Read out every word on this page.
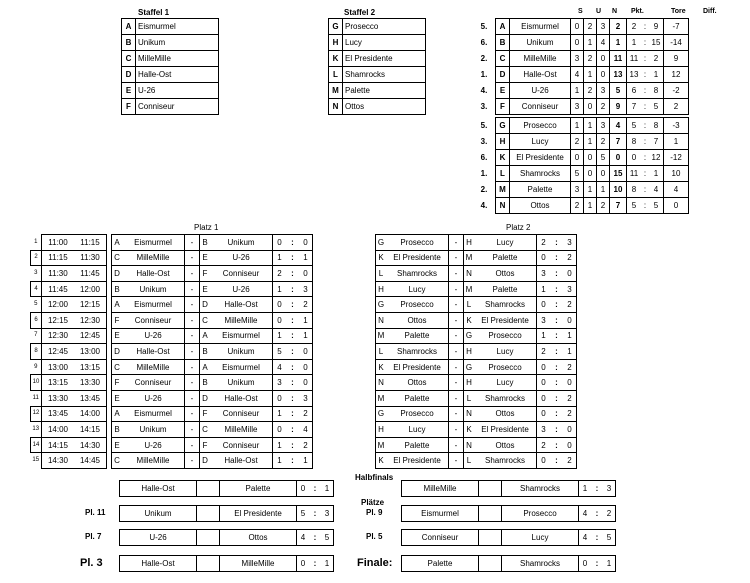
Staffel 1	Staffel 2
A	Eismurmel
B	Unikum
C	MilleMille
D	Halle-Ost
E	U-26
F	Conniseur
G	Prosecco
H	Lucy
K	El Presidente
L	Shamrocks
M	Palette
N	Ottos
S U N Pkt.	Tore Diff.
5.	A	Eismurmel	0	2	3	2	2	:	9	-7
6.	B	Unikum	0	1	4	1	1	:	15	-14
2.	C	MilleMille	3	2	0	11	11	:	2	9
1.	D	Halle-Ost	4	1	0	13	13	:	1	12
4.	E	U-26	1	2	3	5	6	:	8	-2
3.	F	Conniseur	3	0	2	9	7	:	5	2
5.	G	Prosecco	1	1	3	4	5	:	8	-3
3.	H	Lucy	2	1	2	7	8	:	7	1
6.	K	El Presidente	0	0	5	0	0	:	12	-12
1.	L	Shamrocks	5	0	0	15	11	:	1	10
2.	M	Palette	3	1	1	10	8	:	4	4
4.	N	Ottos	2	1	2	7	5	:	5	0
Platz 1	Platz 2
1	11:00	11:15		A	Eismurmel	-	B	Unikum	0	:	0		G	Prosecco	-	H	Lucy	2	:	3
2	11:15	11:30		C	MilleMille	-	E	U-26	1	:	1		K	El Presidente	-	M	Palette	0	:	2
3	11:30	11:45		D	Halle-Ost	-	F	Conniseur	2	:	0		L	Shamrocks	-	N	Ottos	3	:	0
4	11:45	12:00		B	Unikum	-	E	U-26	1	:	3		H	Lucy	-	M	Palette	1	:	3
5	12:00	12:15		A	Eismurmel	-	D	Halle-Ost	0	:	2		G	Prosecco	-	L	Shamrocks	0	:	2
6	12:15	12:30		F	Conniseur	-	C	MilleMille	0	:	1		N	Ottos	-	K	El Presidente	3	:	0
7	12:30	12:45		E	U-26	-	A	Eismurmel	1	:	1		M	Palette	-	G	Prosecco	1	:	1
8	12:45	13:00		D	Halle-Ost	-	B	Unikum	5	:	0		L	Shamrocks	-	H	Lucy	2	:	1
9	13:00	13:15		C	MilleMille	-	A	Eismurmel	4	:	0		K	El Presidente	-	G	Prosecco	0	:	2
10	13:15	13:30		F	Conniseur	-	B	Unikum	3	:	0		N	Ottos	-	H	Lucy	0	:	0
11	13:30	13:45		E	U-26	-	D	Halle-Ost	0	:	3		M	Palette	-	L	Shamrocks	0	:	2
12	13:45	14:00		A	Eismurmel	-	F	Conniseur	1	:	2		G	Prosecco	-	N	Ottos	0	:	2
13	14:00	14:15		B	Unikum	-	C	MilleMille	0	:	4		H	Lucy	-	K	El Presidente	3	:	0
14	14:15	14:30		E	U-26	-	F	Conniseur	1	:	2		M	Palette	-	N	Ottos	2	:	0
15	14:30	14:45		C	MilleMille	-	D	Halle-Ost	1	:	1		K	El Presidente	-	L	Shamrocks	0	:	2
Halbfinals
Plätze
Halle-Ost		Palette	0	:	1	MilleMille		Shamrocks	1	:	3
Pl. 11	Unikum		El Presidente	5	:	3	Pl. 9	Eismurmel		Prosecco	4	:	2
Pl. 7	U-26		Ottos	4	:	5	Pl. 5	Conniseur		Lucy	4	:	5
Pl. 3	Halle-Ost		MilleMille	0	:	1	Finale:	Palette		Shamrocks	0	:	1
